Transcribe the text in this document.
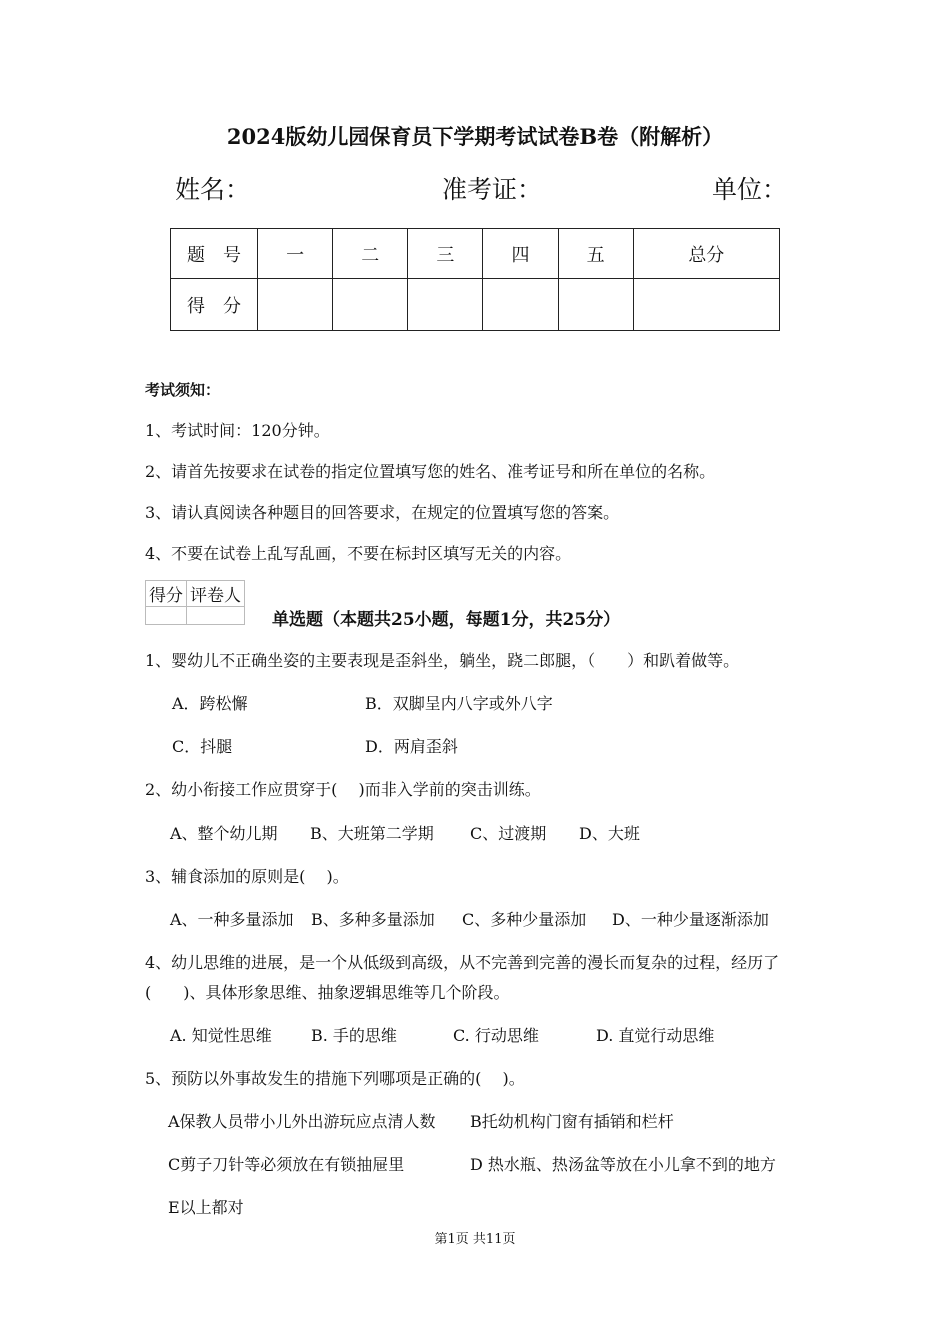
2024版幼儿园保育员下学期考试试卷B卷（附解析）
姓名：	准考证：	单位：
题　号	一	二	三	四	五	总分
得　分						
考试须知：
1、考试时间：120分钟。
2、请首先按要求在试卷的指定位置填写您的姓名、准考证号和所在单位的名称。
3、请认真阅读各种题目的回答要求，在规定的位置填写您的答案。
4、不要在试卷上乱写乱画，不要在标封区填写无关的内容。
得分	评卷人

单选题（本题共25小题，每题1分，共25分）
1、婴幼儿不正确坐姿的主要表现是歪斜坐，躺坐，跷二郎腿，（　　）和趴着做等。
A．跨松懈	B．双脚呈内八字或外八字
C．抖腿	D．两肩歪斜
2、幼小衔接工作应贯穿于(　 )而非入学前的突击训练。
A、整个幼儿期 B、大班第二学期 C、过渡期 D、大班
3、辅食添加的原则是(　 )。
A、一种多量添加 B、多种多量添加 C、多种少量添加 D、一种少量逐渐添加
4、幼儿思维的进展，是一个从低级到高级，从不完善到完善的漫长而复杂的过程，经历了
(　　)、具体形象思维、抽象逻辑思维等几个阶段。
A. 知觉性思维 B. 手的思维	C. 行动思维	D. 直觉行动思维
5、预防以外事故发生的措施下列哪项是正确的(　 )。
A保教人员带小儿外出游玩应点清人数 B托幼机构门窗有插销和栏杆
C剪子刀针等必须放在有锁抽屉里	D 热水瓶、热汤盆等放在小儿拿不到的地方
E以上都对
第1页 共11页
